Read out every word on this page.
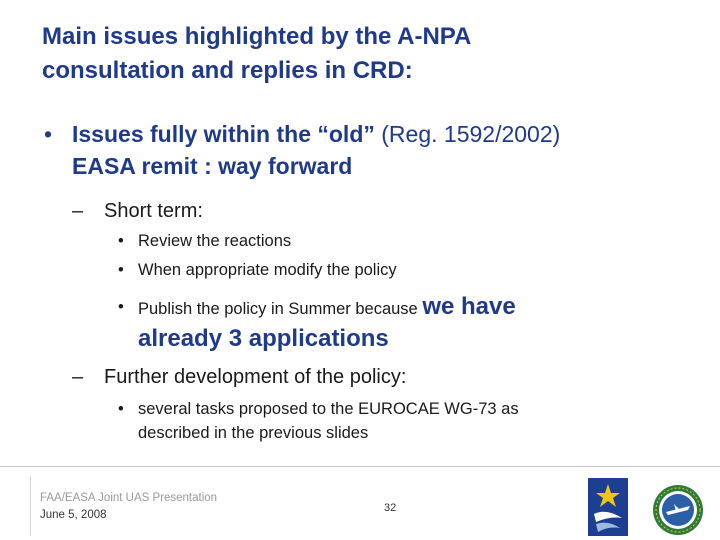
Main issues highlighted by the A-NPA
consultation and replies in CRD:
• Issues fully within the “old” (Reg. 1592/2002)
EASA remit : way forward
– Short term:
• Review the reactions
• When appropriate modify the policy
• Publish the policy in Summer because we have
already 3 applications
– Further development of the policy:
• several tasks proposed to the EUROCAE WG-73 as
described in the previous slides
FAA/EASA Joint UAS Presentation
June 5, 2008
32
